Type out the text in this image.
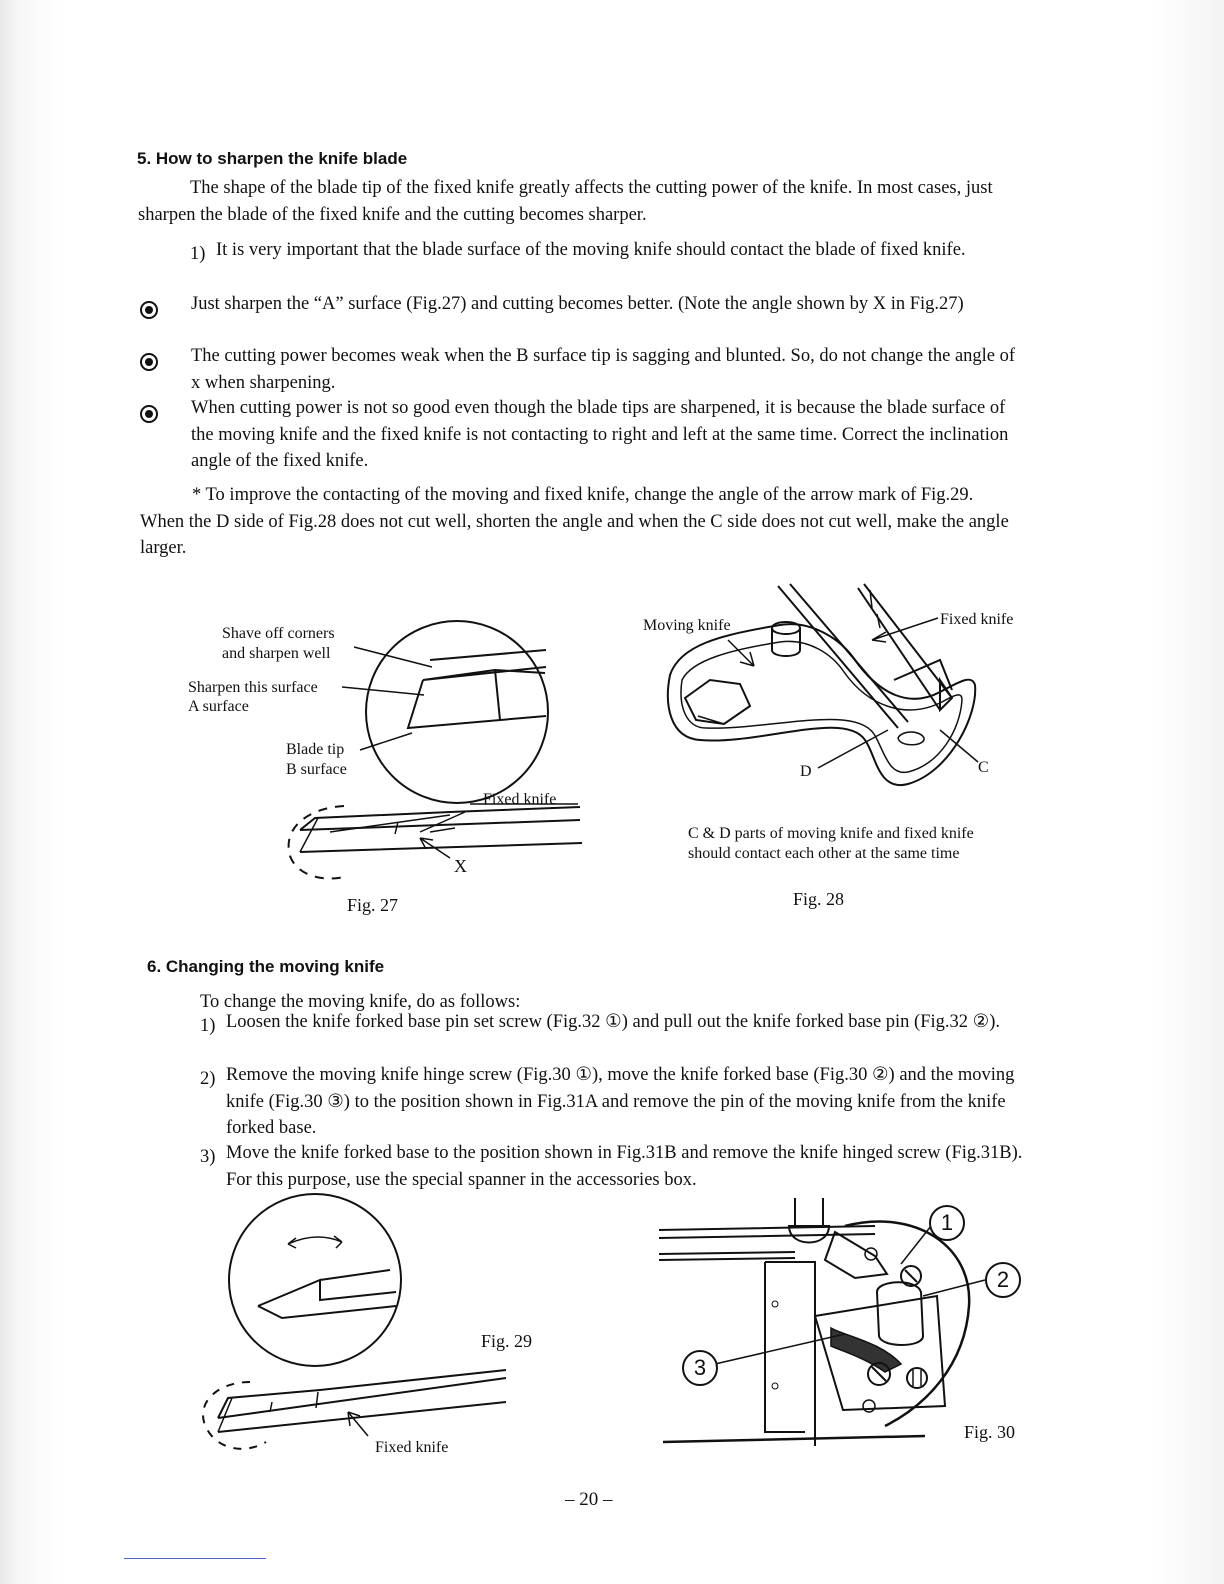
5. How to sharpen the knife blade

The shape of the blade tip of the fixed knife greatly affects the cutting power of the knife. In most cases, just sharpen the blade of the fixed knife and the cutting becomes sharper.

1) It is very important that the blade surface of the moving knife should contact the blade of fixed knife.

Just sharpen the “A” surface (Fig.27) and cutting becomes better. (Note the angle shown by X in Fig.27)

The cutting power becomes weak when the B surface tip is sagging and blunted. So, do not change the angle of x when sharpening.

When cutting power is not so good even though the blade tips are sharpened, it is because the blade surface of the moving knife and the fixed knife is not contacting to right and left at the same time. Correct the inclination angle of the fixed knife.

* To improve the contacting of the moving and fixed knife, change the angle of the arrow mark of Fig.29. When the D side of Fig.28 does not cut well, shorten the angle and when the C side does not cut well, make the angle larger.

Shave off corners
and sharpen well
Sharpen this surface
A surface
Blade tip
B surface
Fixed knife
X
Fig. 27
Moving knife	Fixed knife
D	C
C & D parts of moving knife and fixed knife
should contact each other at the same time
Fig. 28
6. Changing the moving knife

To change the moving knife, do as follows:

1) Loosen the knife forked base pin set screw (Fig.32 ①) and pull out the knife forked base pin (Fig.32 ②).

2) Remove the moving knife hinge screw (Fig.30 ①), move the knife forked base (Fig.30 ②) and the moving knife (Fig.30 ③) to the position shown in Fig.31A and remove the pin of the moving knife from the knife forked base.

3) Move the knife forked base to the position shown in Fig.31B and remove the knife hinged screw (Fig.31B). For this purpose, use the special spanner in the accessories box.

Fig. 29
Fixed knife
1
2
3
Fig. 30
– 20 –
